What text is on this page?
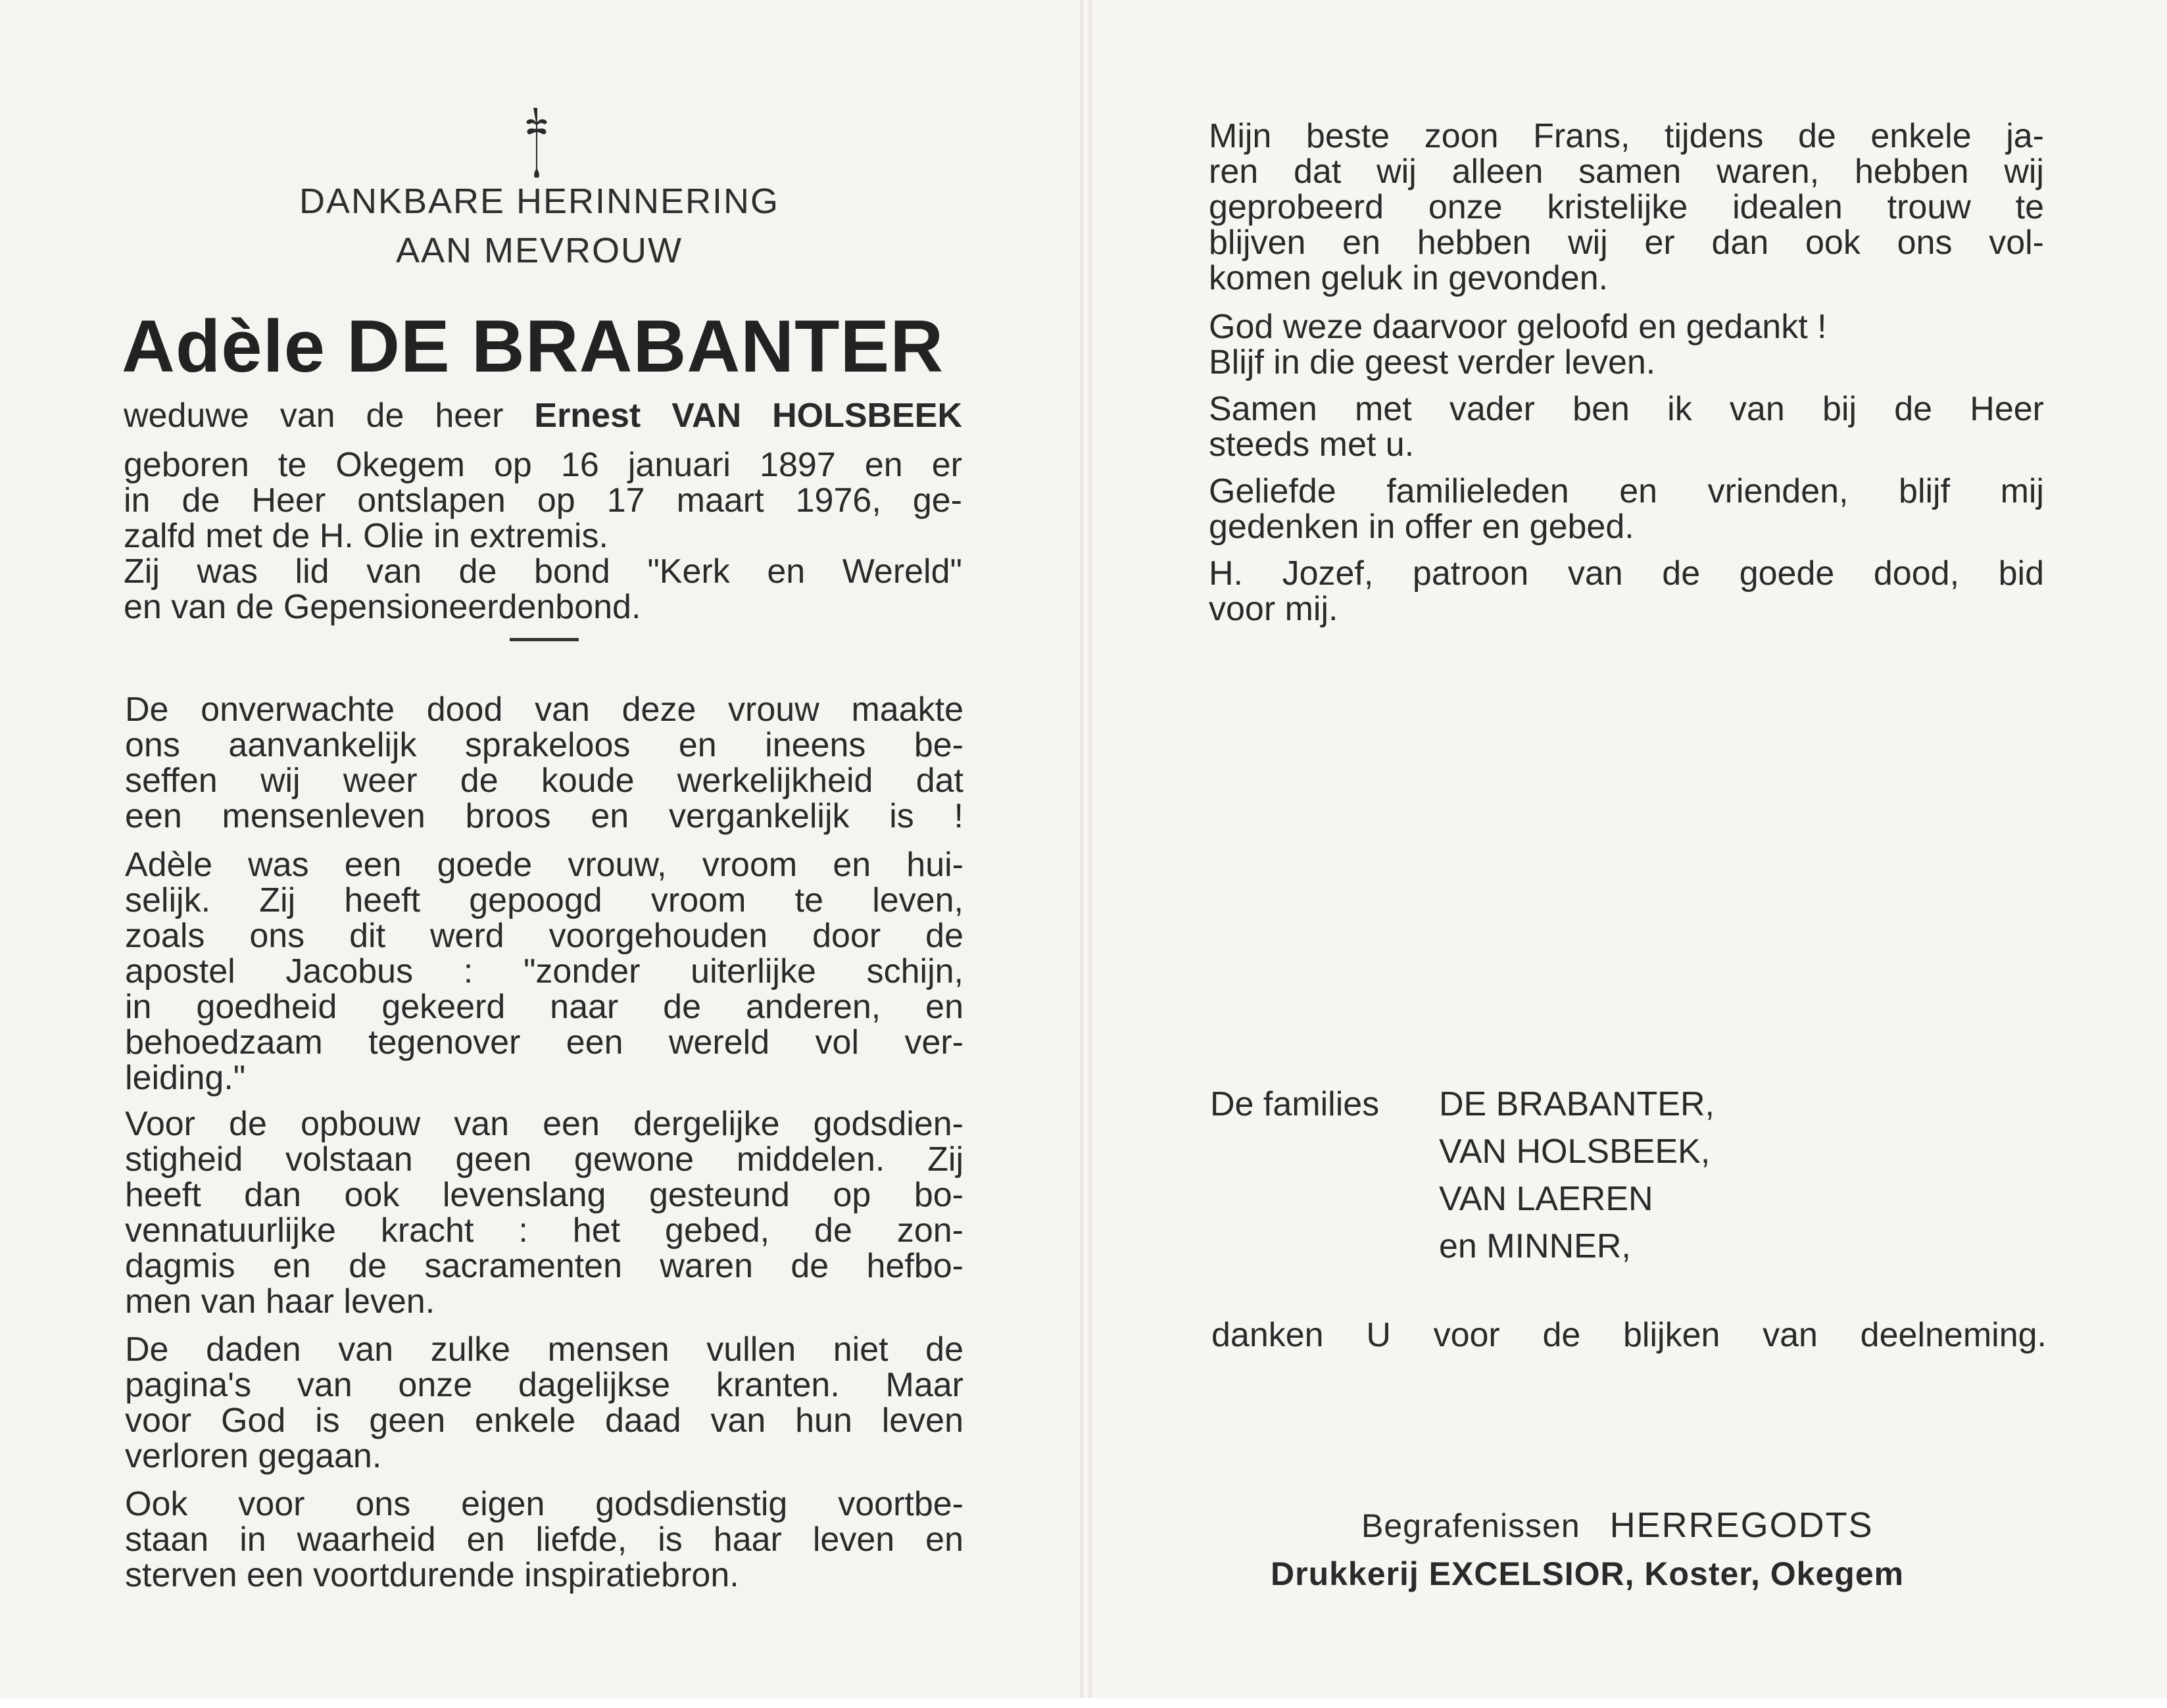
DANKBARE HERINNERING
AAN MEVROUW
Adèle DE BRABANTER
weduwe van de heer Ernest VAN HOLSBEEK
geboren te Okegem op 16 januari 1897 en er
in de Heer ontslapen op 17 maart 1976, ge-
zalfd met de H. Olie in extremis.
Zij was lid van de bond "Kerk en Wereld"
en van de Gepensioneerdenbond.
De onverwachte dood van deze vrouw maakte
ons aanvankelijk sprakeloos en ineens be-
seffen wij weer de koude werkelijkheid dat
een mensenleven broos en vergankelijk is !
Adèle was een goede vrouw, vroom en hui-
selijk. Zij heeft gepoogd vroom te leven,
zoals ons dit werd voorgehouden door de
apostel Jacobus : "zonder uiterlijke schijn,
in goedheid gekeerd naar de anderen, en
behoedzaam tegenover een wereld vol ver-
leiding."
Voor de opbouw van een dergelijke godsdien-
stigheid volstaan geen gewone middelen. Zij
heeft dan ook levenslang gesteund op bo-
vennatuurlijke kracht : het gebed, de zon-
dagmis en de sacramenten waren de hefbo-
men van haar leven.
De daden van zulke mensen vullen niet de
pagina's van onze dagelijkse kranten. Maar
voor God is geen enkele daad van hun leven
verloren gegaan.
Ook voor ons eigen godsdienstig voortbe-
staan in waarheid en liefde, is haar leven en
sterven een voortdurende inspiratiebron.
Mijn beste zoon Frans, tijdens de enkele ja-
ren dat wij alleen samen waren, hebben wij
geprobeerd onze kristelijke idealen trouw te
blijven en hebben wij er dan ook ons vol-
komen geluk in gevonden.
God weze daarvoor geloofd en gedankt !
Blijf in die geest verder leven.
Samen met vader ben ik van bij de Heer
steeds met u.
Geliefde familieleden en vrienden, blijf mij
gedenken in offer en gebed.
H. Jozef, patroon van de goede dood, bid
voor mij.
De families DE BRABANTER,
VAN HOLSBEEK,
VAN LAEREN
en MINNER,
danken U voor de blijken van deelneming.
Begrafenissen HERREGODTS
Drukkerij EXCELSIOR, Koster, Okegem
